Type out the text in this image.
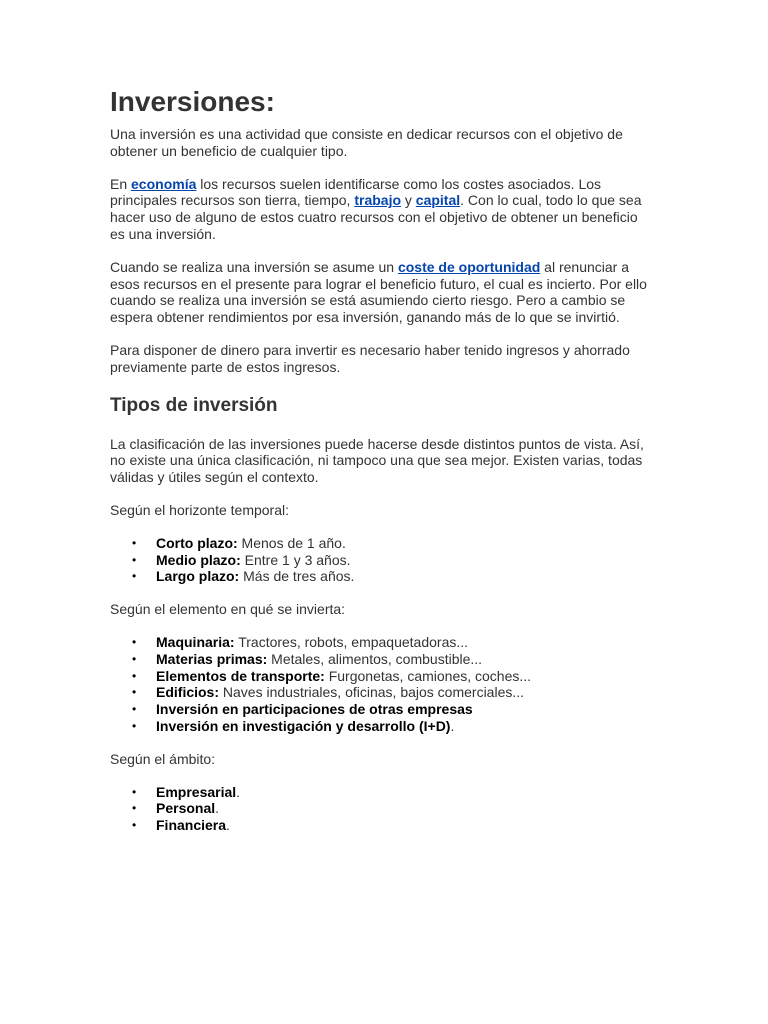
Inversiones:

Una inversión es una actividad que consiste en dedicar recursos con el objetivo de obtener un beneficio de cualquier tipo.

En economía los recursos suelen identificarse como los costes asociados. Los principales recursos son tierra, tiempo, trabajo y capital. Con lo cual, todo lo que sea hacer uso de alguno de estos cuatro recursos con el objetivo de obtener un beneficio es una inversión.

Cuando se realiza una inversión se asume un coste de oportunidad al renunciar a esos recursos en el presente para lograr el beneficio futuro, el cual es incierto. Por ello cuando se realiza una inversión se está asumiendo cierto riesgo. Pero a cambio se espera obtener rendimientos por esa inversión, ganando más de lo que se invirtió.

Para disponer de dinero para invertir es necesario haber tenido ingresos y ahorrado previamente parte de estos ingresos.

Tipos de inversión

La clasificación de las inversiones puede hacerse desde distintos puntos de vista. Así, no existe una única clasificación, ni tampoco una que sea mejor. Existen varias, todas válidas y útiles según el contexto.

Según el horizonte temporal:

• Corto plazo: Menos de 1 año.
• Medio plazo: Entre 1 y 3 años.
• Largo plazo: Más de tres años.

Según el elemento en qué se invierta:

• Maquinaria: Tractores, robots, empaquetadoras...
• Materias primas: Metales, alimentos, combustible...
• Elementos de transporte: Furgonetas, camiones, coches...
• Edificios: Naves industriales, oficinas, bajos comerciales...
• Inversión en participaciones de otras empresas
• Inversión en investigación y desarrollo (I+D).

Según el ámbito:

• Empresarial.
• Personal.
• Financiera.
